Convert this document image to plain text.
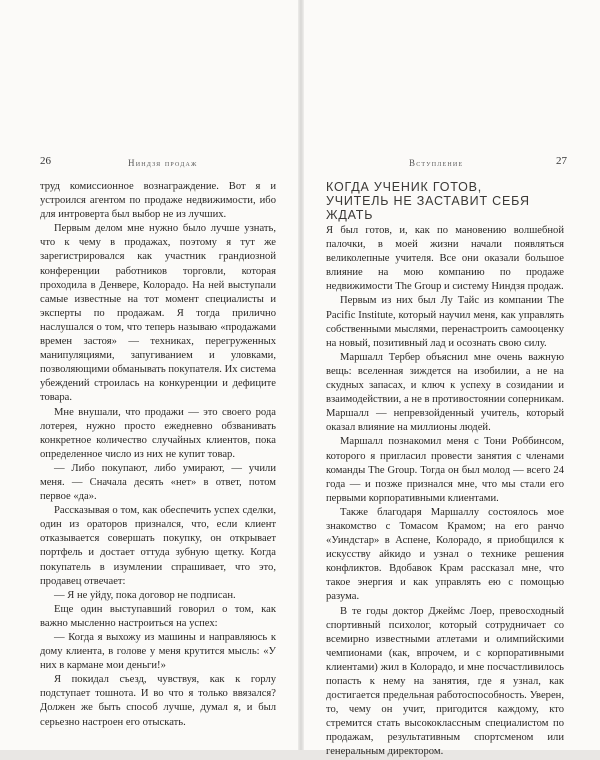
26	Ниндзя продаж

труд комиссионное вознаграждение. Вот я и устроился агентом по продаже недвижимости, ибо для интроверта был выбор не из лучших.

Первым делом мне нужно было лучше узнать, что к чему в продажах, поэтому я тут же зарегистрировался как участник грандиозной конференции работников торговли, которая проходила в Денвере, Колорадо. На ней выступали самые известные на тот момент специалисты и эксперты по продажам. Я тогда прилично наслушался о том, что теперь называю «продажами времен застоя» — техниках, перегруженных манипуляциями, запугиванием и уловками, позволяющими обманывать покупателя. Их система убеждений строилась на конкуренции и дефиците товара.

Мне внушали, что продажи — это своего рода лотерея, нужно просто ежедневно обзванивать конкретное количество случайных клиентов, пока определенное число из них не купит товар.

— Либо покупают, либо умирают, — учили меня. — Сначала десять «нет» в ответ, потом первое «да».

Рассказывая о том, как обеспечить успех сделки, один из ораторов признался, что, если клиент отказывается совершать покупку, он открывает портфель и достает оттуда зубную щетку. Когда покупатель в изумлении спрашивает, что это, продавец отвечает:

— Я не уйду, пока договор не подписан.

Еще один выступавший говорил о том, как важно мысленно настроиться на успех:

— Когда я выхожу из машины и направляюсь к дому клиента, в голове у меня крутится мысль: «У них в кармане мои деньги!»

Я покидал съезд, чувствуя, как к горлу подступает тошнота. И во что я только ввязался? Должен же быть способ лучше, думал я, и был серьезно настроен его отыскать.

Вступление	27
КОГДА УЧЕНИК ГОТОВ,
УЧИТЕЛЬ НЕ ЗАСТАВИТ СЕБЯ ЖДАТЬ

Я был готов, и, как по мановению волшебной палочки, в моей жизни начали появляться великолепные учителя. Все они оказали большое влияние на мою компанию по продаже недвижимости The Group и систему Ниндзя продаж.

Первым из них был Лу Тайс из компании The Pacific Institute, который научил меня, как управлять собственными мыслями, перенастроить самооценку на новый, позитивный лад и осознать свою силу.

Маршалл Тербер объяснил мне очень важную вещь: вселенная зиждется на изобилии, а не на скудных запасах, и ключ к успеху в созидании и взаимодействии, а не в противостоянии соперникам. Маршалл — непревзойденный учитель, который оказал влияние на миллионы людей.

Маршалл познакомил меня с Тони Роббинсом, которого я пригласил провести занятия с членами команды The Group. Тогда он был молод — всего 24 года — и позже признался мне, что мы стали его первыми корпоративными клиентами.

Также благодаря Маршаллу состоялось мое знакомство с Томасом Крамом; на его ранчо «Уиндстар» в Аспене, Колорадо, я приобщился к искусству айкидо и узнал о технике решения конфликтов. Вдобавок Крам рассказал мне, что такое энергия и как управлять ею с помощью разума.

В те годы доктор Джеймс Лоер, превосходный спортивный психолог, который сотрудничает со всемирно известными атлетами и олимпийскими чемпионами (как, впрочем, и с корпоративными клиентами) жил в Колорадо, и мне посчастливилось попасть к нему на занятия, где я узнал, как достигается предельная работоспособность. Уверен, то, чему он учит, пригодится каждому, кто стремится стать высококлассным специалистом по продажам, результативным спортсменом или генеральным директором.
